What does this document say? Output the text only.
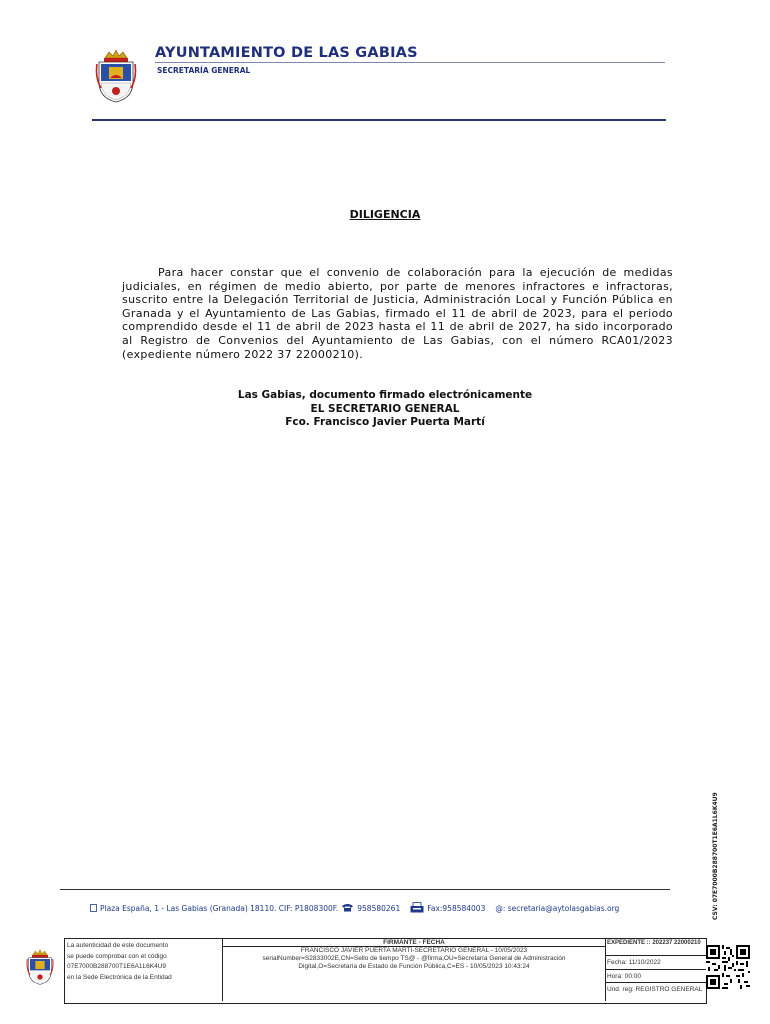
AYUNTAMIENTO DE LAS GABIAS
SECRETARÍA GENERAL
DILIGENCIA
Para hacer constar que el convenio de colaboración para la ejecución de medidas judiciales, en régimen de medio abierto, por parte de menores infractores e infractoras, suscrito entre la Delegación Territorial de Justicia, Administración Local y Función Pública en Granada y el Ayuntamiento de Las Gabias, firmado el 11 de abril de 2023, para el periodo comprendido desde el 11 de abril de 2023 hasta el 11 de abril de 2027, ha sido incorporado al Registro de Convenios del Ayuntamiento de Las Gabias, con el número RCA01/2023 (expediente número 2022 37 22000210).
Las Gabias, documento firmado electrónicamente
EL SECRETARIO GENERAL
Fco. Francisco Javier Puerta Martí
CSV: 07E7000B288700T1E6A1L6K4U9
Plaza España, 1 - Las Gabias (Granada) 18110. CIF: P1808300F.	958580261	Fax:958584003 @: secretaria@aytolasgabias.org
La autenticidad de este documento
se puede comprobar con el código
07E7000B288700T1E6A1L6K4U9
en la Sede Electrónica de la Entidad
FIRMANTE - FECHA
FRANCISCO JAVIER PUERTA MARTI-SECRETARIO GENERAL - 10/05/2023
serialNumber=S2833002E,CN=Sello de tiempo TS@ - @firma,OU=Secretaría General de Administración
Digital,O=Secretaría de Estado de Función Pública,C=ES - 10/05/2023 10:43:24
EXPEDIENTE :: 202237 22000210
Fecha: 11/10/2022
Hora: 00:00
Und. reg: REGISTRO GENERAL
